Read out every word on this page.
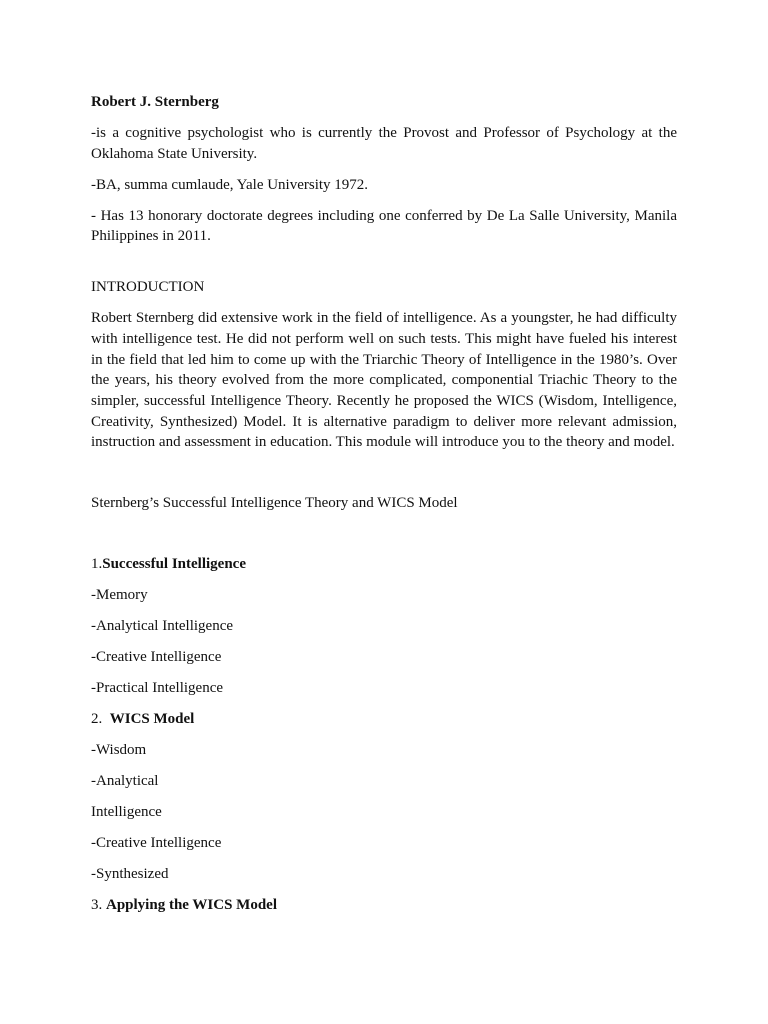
Robert J. Sternberg

-is a cognitive psychologist who is currently the Provost and Professor of Psychology at the Oklahoma State University.

-BA, summa cumlaude, Yale University 1972.

- Has 13 honorary doctorate degrees including one conferred by De La Salle University, Manila Philippines in 2011.

INTRODUCTION

Robert Sternberg did extensive work in the field of intelligence. As a youngster, he had difficulty with intelligence test. He did not perform well on such tests. This might have fueled his interest in the field that led him to come up with the Triarchic Theory of Intelligence in the 1980’s. Over the years, his theory evolved from the more complicated, componential Triachic Theory to the simpler, successful Intelligence Theory. Recently he proposed the WICS (Wisdom, Intelligence, Creativity, Synthesized) Model. It is alternative paradigm to deliver more relevant admission, instruction and assessment in education. This module will introduce you to the theory and model.

Sternberg’s Successful Intelligence Theory and WICS Model

1.Successful Intelligence

-Memory

-Analytical Intelligence

-Creative Intelligence

-Practical Intelligence

2.  WICS Model

-Wisdom

-Analytical

Intelligence

-Creative Intelligence

-Synthesized

3. Applying the WICS Model
